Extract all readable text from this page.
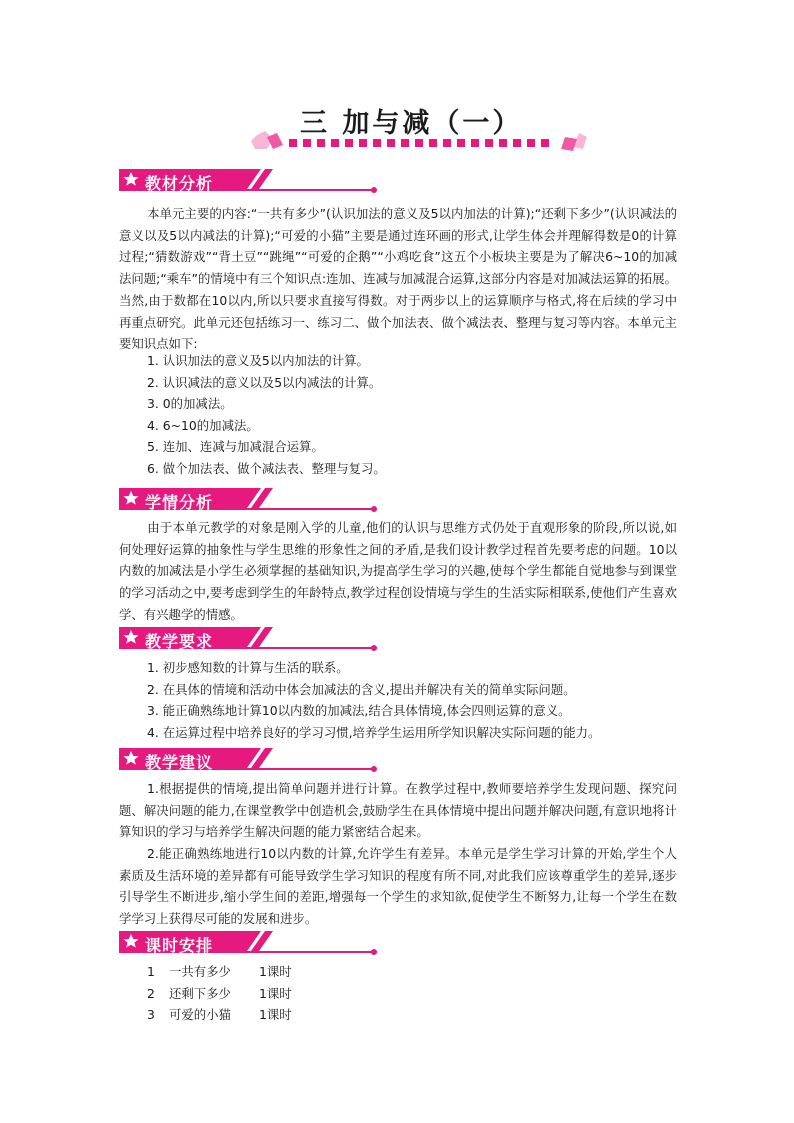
三 加与减（一）
教材分析

本单元主要的内容:“一共有多少”(认识加法的意义及5以内加法的计算);“还剩下多少”(认识减法的意义以及5以内减法的计算);“可爱的小猫”主要是通过连环画的形式,让学生体会并理解得数是0的计算过程;“猜数游戏”“背土豆”“跳绳”“可爱的企鹅”“小鸡吃食”这五个小板块主要是为了解决6~10的加减法问题;“乘车”的情境中有三个知识点:连加、连减与加减混合运算,这部分内容是对加减法运算的拓展。当然,由于数都在10以内,所以只要求直接写得数。对于两步以上的运算顺序与格式,将在后续的学习中再重点研究。此单元还包括练习一、练习二、做个加法表、做个减法表、整理与复习等内容。本单元主要知识点如下:

1. 认识加法的意义及5以内加法的计算。
2. 认识减法的意义以及5以内减法的计算。
3. 0的加减法。
4. 6~10的加减法。
5. 连加、连减与加减混合运算。
6. 做个加法表、做个减法表、整理与复习。
学情分析

由于本单元教学的对象是刚入学的儿童,他们的认识与思维方式仍处于直观形象的阶段,所以说,如何处理好运算的抽象性与学生思维的形象性之间的矛盾,是我们设计教学过程首先要考虑的问题。10以内数的加减法是小学生必须掌握的基础知识,为提高学生学习的兴趣,使每个学生都能自觉地参与到课堂的学习活动之中,要考虑到学生的年龄特点,教学过程创设情境与学生的生活实际相联系,使他们产生喜欢学、有兴趣学的情感。

教学要求
1. 初步感知数的计算与生活的联系。
2. 在具体的情境和活动中体会加减法的含义,提出并解决有关的简单实际问题。
3. 能正确熟练地计算10以内数的加减法,结合具体情境,体会四则运算的意义。
4. 在运算过程中培养良好的学习习惯,培养学生运用所学知识解决实际问题的能力。
教学建议

1.根据提供的情境,提出简单问题并进行计算。在教学过程中,教师要培养学生发现问题、探究问题、解决问题的能力,在课堂教学中创造机会,鼓励学生在具体情境中提出问题并解决问题,有意识地将计算知识的学习与培养学生解决问题的能力紧密结合起来。

2.能正确熟练地进行10以内数的计算,允许学生有差异。本单元是学生学习计算的开始,学生个人素质及生活环境的差异都有可能导致学生学习知识的程度有所不同,对此我们应该尊重学生的差异,逐步引导学生不断进步,缩小学生间的差距,增强每一个学生的求知欲,促使学生不断努力,让每一个学生在数学学习上获得尽可能的发展和进步。

课时安排
1	一共有多少	1课时
2	还剩下多少	1课时
3	可爱的小猫	1课时
